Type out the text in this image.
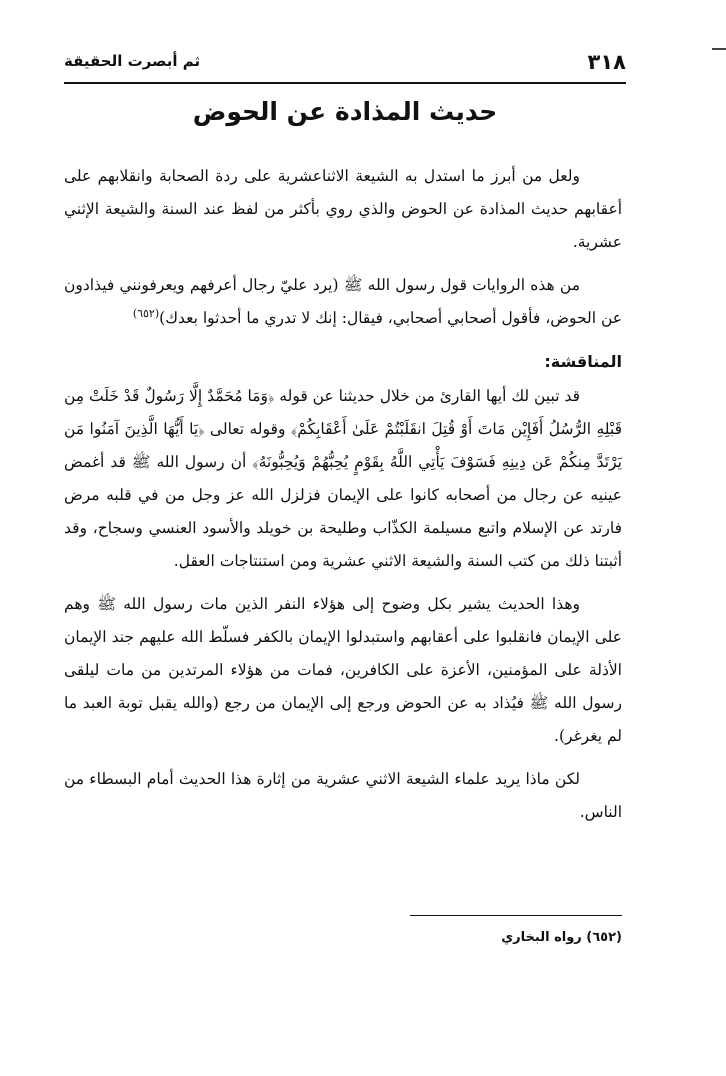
٣١٨
ثم أبصرت الحقيقة
حديث المذادة عن الحوض

ولعل من أبرز ما استدل به الشيعة الاثناعشرية على ردة الصحابة وانقلابهم على أعقابهم حديث المذادة عن الحوض والذي روي بأكثر من لفظ عند السنة والشيعة الإثني عشرية.

من هذه الروايات قول رسول الله ﷺ (يرد عليّ رجال أعرفهم ويعرفونني فيذادون عن الحوض، فأقول أصحابي أصحابي، فيقال: إنك لا تدري ما أحدثوا بعدك)$^{(٦٥٢)}$

المناقشة:

قد تبين لك أيها القارئ من خلال حديثنا عن قوله ﴿وَمَا مُحَمَّدٌ إِلَّا رَسُولٌ قَدْ خَلَتْ مِن قَبْلِهِ الرُّسُلُ أَفَإِيْن مَاتَ أَوْ قُتِلَ انقَلَبْتُمْ عَلَىٰ أَعْقَابِكُمْ﴾ وقوله تعالى ﴿يَا أَيُّهَا الَّذِينَ آمَنُوا مَن يَرْتَدَّ مِنكُمْ عَن دِينِهِ فَسَوْفَ يَأْتِي اللَّهُ بِقَوْمٍ يُحِبُّهُمْ وَيُحِبُّونَهُ﴾ أن رسول الله ﷺ قد أغمض عينيه عن رجال من أصحابه كانوا على الإيمان فزلزل الله عز وجل من في قلبه مرض فارتد عن الإسلام واتبع مسيلمة الكذّاب وطليحة بن خويلد والأسود العنسي وسجاح، وقد أثبتنا ذلك من كتب السنة والشيعة الاثني عشرية ومن استنتاجات العقل.

وهذا الحديث يشير بكل وضوح إلى هؤلاء النفر الذين مات رسول الله ﷺ وهم على الإيمان فانقلبوا على أعقابهم واستبدلوا الإيمان بالكفر فسلّط الله عليهم جند الإيمان الأذلة على المؤمنين، الأعزة على الكافرين، فمات من هؤلاء المرتدين من مات ليلقى رسول الله ﷺ فيُذاد به عن الحوض ورجع إلى الإيمان من رجع (والله يقبل توبة العبد ما لم يغرغر).

لكن ماذا يريد علماء الشيعة الاثني عشرية من إثارة هذا الحديث أمام البسطاء من الناس.

(٦٥٢) رواه البخاري
